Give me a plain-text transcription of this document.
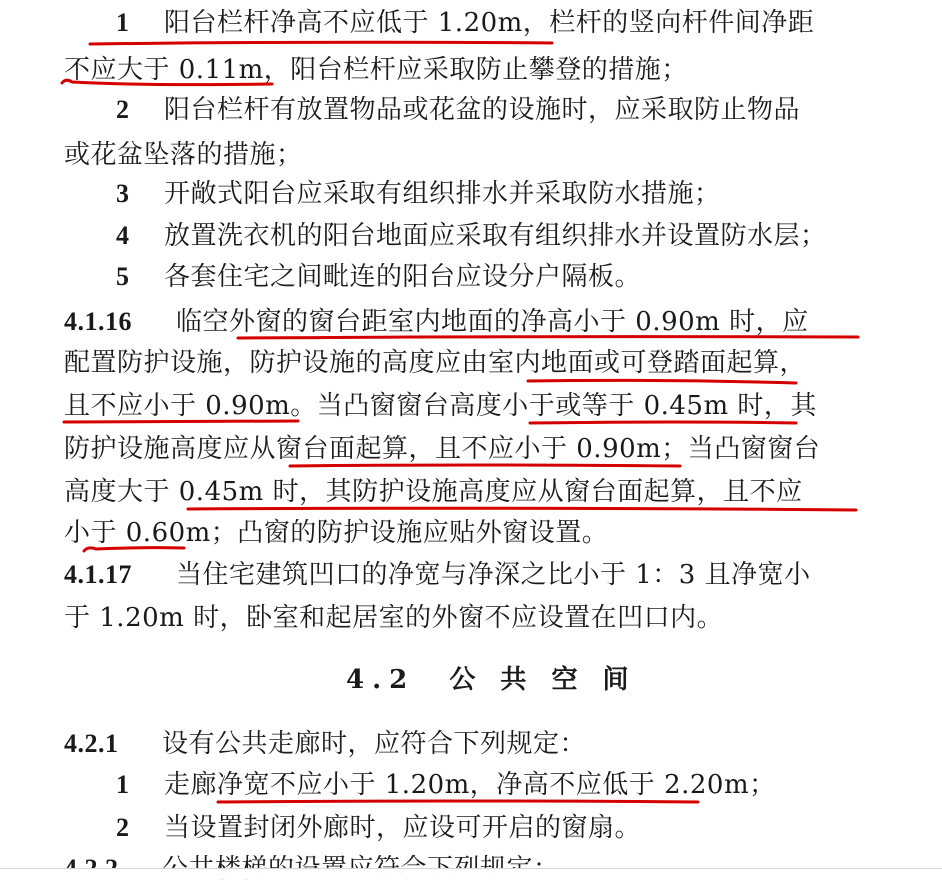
1 阳台栏杆净高不应低于 1.20m，栏杆的竖向杆件间净距
不应大于 0.11m，阳台栏杆应采取防止攀登的措施；
2 阳台栏杆有放置物品或花盆的设施时，应采取防止物品
或花盆坠落的措施；
3 开敞式阳台应采取有组织排水并采取防水措施；
4 放置洗衣机的阳台地面应采取有组织排水并设置防水层；
5 各套住宅之间毗连的阳台应设分户隔板。
4.1.16 临空外窗的窗台距室内地面的净高小于 0.90m 时，应
配置防护设施，防护设施的高度应由室内地面或可登踏面起算，
且不应小于 0.90m。当凸窗窗台高度小于或等于 0.45m 时，其
防护设施高度应从窗台面起算，且不应小于 0.90m；当凸窗窗台
高度大于 0.45m 时，其防护设施高度应从窗台面起算，且不应
小于 0.60m；凸窗的防护设施应贴外窗设置。
4.1.17 当住宅建筑凹口的净宽与净深之比小于 1：3 且净宽小
于 1.20m 时，卧室和起居室的外窗不应设置在凹口内。
4.2 公 共 空 间
4.2.1 设有公共走廊时，应符合下列规定：
1 走廊净宽不应小于 1.20m，净高不应低于 2.20m；
2 当设置封闭外廊时，应设可开启的窗扇。
